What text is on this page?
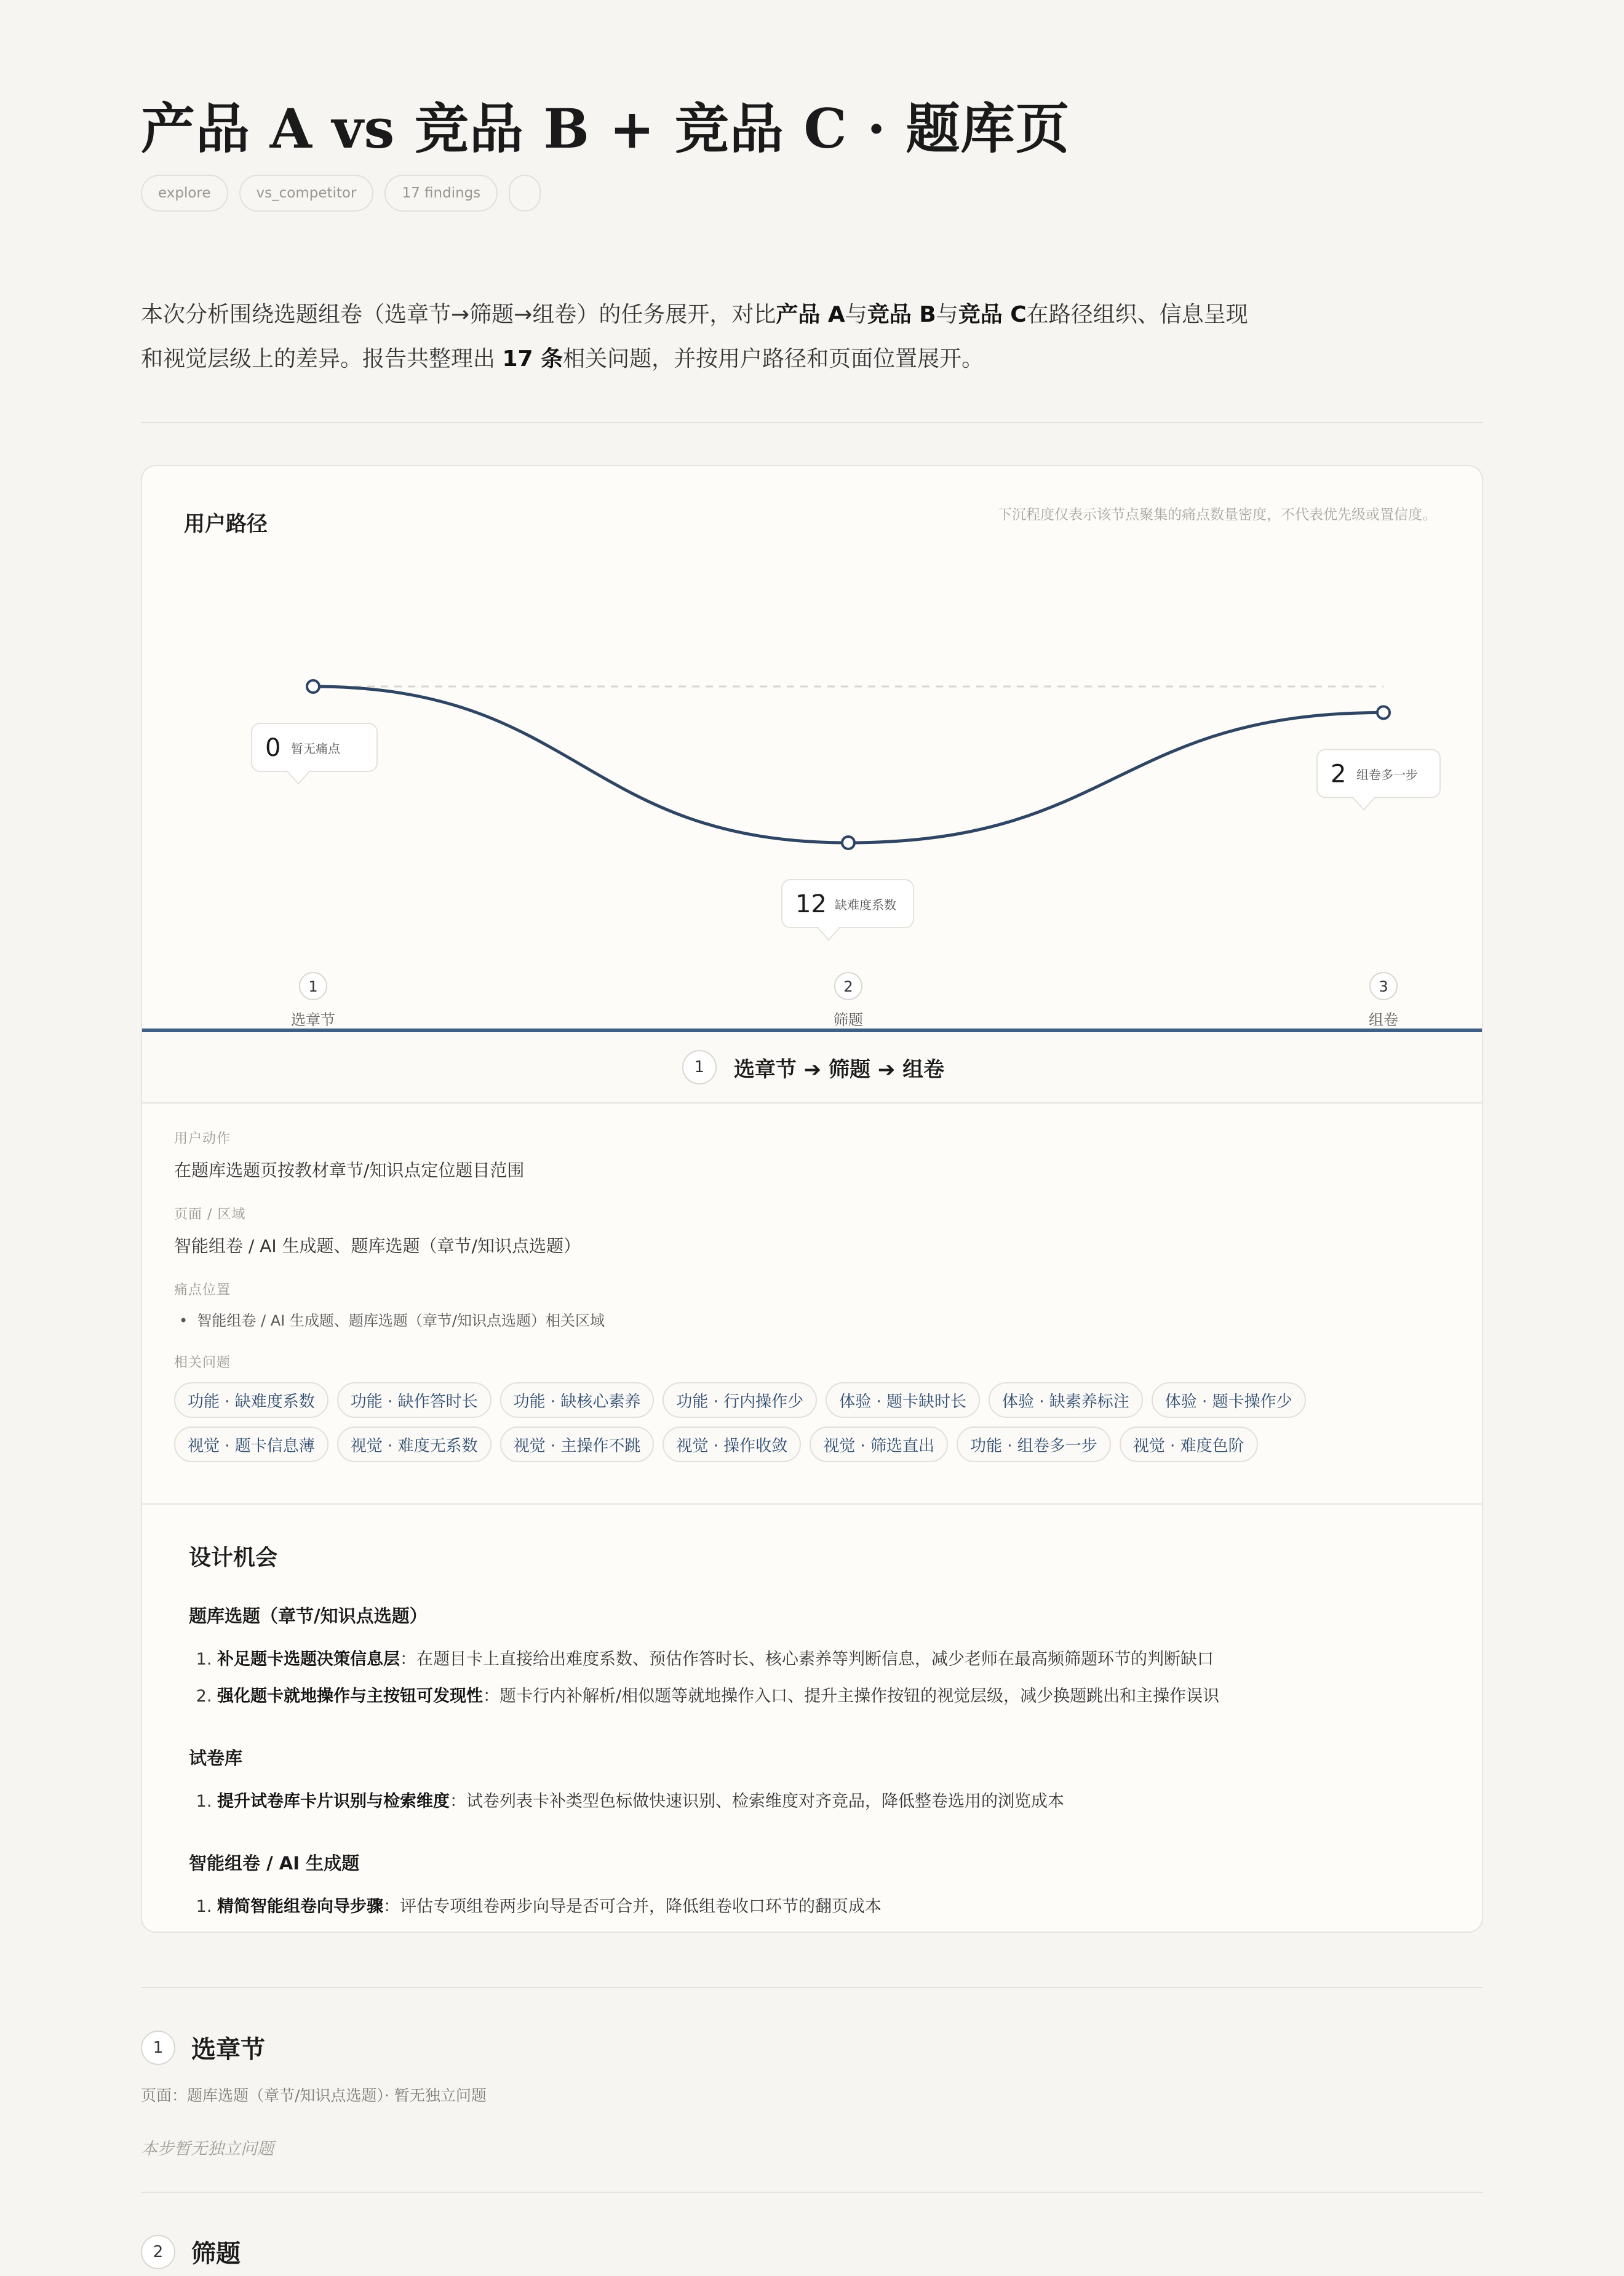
产品 A vs 竞品 B + 竞品 C · 题库页
explore	vs_competitor	17 findings

本次分析围绕选题组卷（选章节→筛题→组卷）的任务展开，对比产品 A与竞品 B与竞品 C在路径组织、信息呈现和视觉层级上的差异。报告共整理出 17 条相关问题，并按用户路径和页面位置展开。

0 暂无痛点
1
选章节
12 缺难度系数
2
筛题
2 组卷多一步
3
组卷
用户路径	下沉程度仅表示该节点聚集的痛点数量密度，不代表优先级或置信度。
1	选章节 ➔ 筛题 ➔ 组卷
用户动作
在题库选题页按教材章节/知识点定位题目范围
页面 / 区域
智能组卷 / AI 生成题、题库选题（章节/知识点选题）
痛点位置
•  智能组卷 / AI 生成题、题库选题（章节/知识点选题）相关区域
相关问题
功能 · 缺难度系数	功能 · 缺作答时长	功能 · 缺核心素养	功能 · 行内操作少	体验 · 题卡缺时长	体验 · 缺素养标注	体验 · 题卡操作少
视觉 · 题卡信息薄	视觉 · 难度无系数	视觉 · 主操作不跳	视觉 · 操作收敛	视觉 · 筛选直出	功能 · 组卷多一步	视觉 · 难度色阶
设计机会
题库选题（章节/知识点选题）
1. 补足题卡选题决策信息层：在题目卡上直接给出难度系数、预估作答时长、核心素养等判断信息，减少老师在最高频筛题环节的判断缺口
2. 强化题卡就地操作与主按钮可发现性：题卡行内补解析/相似题等就地操作入口、提升主操作按钮的视觉层级，减少换题跳出和主操作误识
试卷库
1. 提升试卷库卡片识别与检索维度：试卷列表卡补类型色标做快速识别、检索维度对齐竞品，降低整卷选用的浏览成本
智能组卷 / AI 生成题
1. 精简智能组卷向导步骤：评估专项组卷两步向导是否可合并，降低组卷收口环节的翻页成本
1	选章节
页面：题库选题（章节/知识点选题）· 暂无独立问题
本步暂无独立问题
2	筛题
